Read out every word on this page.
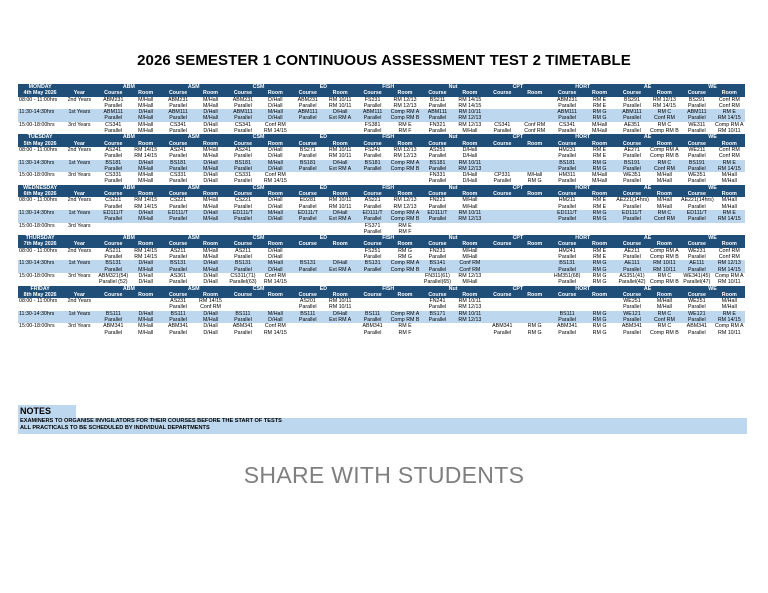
2026 SEMESTER 1 CONTINUOUS ASSESSMENT TEST 2 TIMETABLE
MONDAY		ABM		ASM		CSM		ED		FISH		Nut		CPT		HORT		AE		WE	
4th May 2026	Year	Course	Room	Course	Room	Course	Room	Course	Room	Course	Room	Course	Room	Course	Room	Course	Room	Course	Room	Course	Room
08:00 - 11:00hrs	2nd Years	ABM231	M/Hall	ABM231	M/Hall	ABM231	D/Hall	ABM231	RM 10/11	FS231	RM 12/13	BS211	RM 14/15			ABM231	RM E	BS291	RM 12/13	BS291	Conf RM
		Parallel	M/Hall	Parallel	M/Hall	Parallel	D/Hall	Parallel	RM 10/11	Parallel	RM 12/13	Parallel	RM 14/15			Parallel	RM E	Parallel	RM 14/15	Parallel	Conf RM
11:30-14:30hrs	1st Years	ABM111	D/Hall	ABM111	D/Hall	ABM111	M/Hall	ABM111	D/Hall	ABM111	Comp RM A	ABM111	RM 10/11			ABM111	RM G	ABM111	RM C	ABM111	RM E
		Parallel	M/Hall	Parallel	M/Hall	Parallel	D/Hall	Parallel	Ext RM A	Parallel	Comp RM B	Parallel	RM 12/13			Parallel	RM G	Parallel	Conf RM	Parallel	RM 14/15
15:00-18:00hrs	3rd Years	CS341	M/Hall	CS341	D/Hall	CS341	Conf RM			FS381	RM E	FN321	RM 12/13	CS341	Conf RM	CS341	M/Hall	AE351	RM C	WE311	Comp RM A
		Parallel	M/Hall	Parallel	D/Hall	Parallel	RM 14/15			Parallel	RM F	Parallel	M/Hall	Parallel	Conf RM	Parallel	M/Hall	Parallel	Comp RM B	Parallel	RM 10/11
TUESDAY		ABM		ASM		CSM		ED		FISH		Nut		CPT		HORT		AE		WE	
5th May 2026	Year	Course	Room	Course	Room	Course	Room	Course	Room	Course	Room	Course	Room	Course	Room	Course	Room	Course	Room	Course	Room
08:00 - 11:00hrs	2nd Years	AS241	RM 14/15	AS241	M/Hall	AS241	D/Hall	BS271	RM 10/11	FS241	RM 12/13	AS251	D/Hall			HM231	RM E	AE271	Comp RM A	WE211	Conf RM
		Parallel	RM 14/15	Parallel	M/Hall	Parallel	D/Hall	Parallel	RM 10/11	Parallel	RM 12/13	Parallel	D/Hall			Parallel	RM E	Parallel	Comp RM B	Parallel	Conf RM
11:30-14:30hrs	1st Years	BS181	D/Hall	BS181	D/Hall	BS181	M/Hall	BS181	D/Hall	BS181	Comp RM A	BS181	RM 10/11			BS181	RM G	BS191	RM C	BS191	RM E
		Parallel	M/Hall	Parallel	M/Hall	Parallel	D/Hall	Parallel	Ext RM A	Parallel	Comp RM B	Parallel	RM 12/13			Parallel	RM G	Parallel	Conf RM	Parallel	RM 14/15
15:00-18:00hrs	3rd Years	CS331	M/Hall	CS331	D/Hall	CS331	Conf RM					FN331	D/Hall	CP331	M/Hall	HM311	M/Hall	WE351	M/Hall	WE351	M/Hall
		Parallel	M/Hall	Parallel	D/Hall	Parallel	RM 14/15					Parallel	D/Hall	Parallel	RM G	Parallel	M/Hall	Parallel	M/Hall	Parallel	M/Hall
WEDNESDAY		ABM		ASM		CSM		ED		FISH		Nut		CPT		HORT		AE		WE	
6th May 2026	Year	Course	Room	Course	Room	Course	Room	Course	Room	Course	Room	Course	Room	Course	Room	Course	Room	Course	Room	Course	Room
08:00 - 11:00hrs	2nd Years	CS221	RM 14/15	CS221	M/Hall	CS221	D/Hall	ED281	RM 10/11	AS221	RM 12/13	FN221	M/Hall			HM211	RM E	AE221(14hrs)	M/Hall	AE221(14hrs)	M/Hall
		Parallel	RM 14/15	Parallel	M/Hall	Parallel	D/Hall	Parallel	RM 10/11	Parallel	RM 12/13	Parallel	M/Hall			Parallel	RM E	Parallel	M/Hall	Parallel	M/Hall
11:30-14:30hrs	1st Years	ED111/T	D/Hall	ED111/T	D/Hall	ED111/T	M/Hall	ED111/T	D/Hall	ED111/T	Comp RM A	ED111/T	RM 10/11			ED111/T	RM G	ED111/T	RM C	ED111/T	RM E
		Parallel	M/Hall	Parallel	M/Hall	Parallel	D/Hall	Parallel	Ext RM A	Parallel	Comp RM B	Parallel	RM 12/13			Parallel	RM G	Parallel	Conf RM	Parallel	RM 14/15
15:00-18:00hrs	3rd Years									FS371	RM E										
										Parallel	RM F										
THURSDAY		ABM		ASM		CSM		ED		FISH		Nut		CPT		HORT		AE		WE	
7th May 2026	Year	Course	Room	Course	Room	Course	Room	Course	Room	Course	Room	Course	Room	Course	Room	Course	Room	Course	Room	Course	Room
08:00 - 11:00hrs	2nd Years	AS211	RM 14/15	AS211	M/Hall	AS211	D/Hall			FS251	RM G	FN231	M/Hall			HM241	RM E	AE211	Comp RM A	WE231	Conf RM
		Parallel	RM 14/15	Parallel	M/Hall	Parallel	D/Hall			Parallel	RM G	Parallel	M/Hall			Parallel	RM E	Parallel	Comp RM B	Parallel	Conf RM
11:30-14:30hrs	1st Years	BS131	D/Hall	BS131	D/Hall	BS131	M/Hall	BS131	D/Hall	BS131	Comp RM A	BS141	Conf RM			BS131	RM G	AE111	RM 10/11	AE111	RM 12/13
		Parallel	M/Hall	Parallel	M/Hall	Parallel	D/Hall	Parallel	Ext RM A	Parallel	Comp RM B	Parallel	Conf RM			Parallel	RM G	Parallel	RM 10/11	Parallel	RM 14/15
15:00-18:00hrs	3rd Years	ABM321(54)	D/Hall	AS361	D/Hall	CS311(71)	Conf RM					FN311(61)	RM 12/13			HM351(68)	RM G	AS351(41)	RM C	WE341(45)	Comp RM A
		Parallel (52)	D/Hall	Parallel	D/Hall	Parallel(63)	RM 14/15					Parallel(65)	M/Hall			Parallel	RM G	Parallel(42)	Comp RM B	Parallel(47)	RM 10/11
FRIDAY		ABM		ASM		CSM		ED		FISH		Nut		CPT		HORT		AE		WE	
8th May 2026	Year	Course	Room	Course	Room	Course	Room	Course	Room	Course	Room	Course	Room	Course	Room	Course	Room	Course	Room	Course	Room
08:00 - 11:00hrs	2nd Years			AS231	RM 14/15			AS201	RM 10/11			FN241	RM 10/11					WE251	M/Hall	WE251	M/Hall
				Parallel	Conf RM			Parallel	RM 10/11			Parallel	RM 12/13					Parallel	M/Hall	Parallel	M/Hall
11:30-14:30hrs	1st Years	BS111	D/Hall	BS111	D/Hall	BS111	M/Hall	BS111	D/Hall	BS111	Comp RM A	BS171	RM 10/11			BS111	RM G	WE121	RM C	WE121	RM E
		Parallel	M/Hall	Parallel	M/Hall	Parallel	D/Hall	Parallel	Ext RM A	Parallel	Comp RM B	Parallel	RM 12/13			Parallel	RM G	Parallel	Conf RM	Parallel	RM 14/15
15:00-18:00hrs	3rd Years	ABM341	M/Hall	ABM341	D/Hall	ABM341	Conf RM			ABM341	RM E			ABM341	RM G	ABM341	RM G	ABM341	RM C	ABM341	Comp RM A
		Parallel	M/Hall	Parallel	D/Hall	Parallel	RM 14/15			Parallel	RM F			Parallel	RM G	Parallel	RM G	Parallel	Comp RM B	Parallel	RM 10/11
NOTES
EXAMINERS TO ORGANISE INVIGILATORS FOR THEIR COURSES BEFORE THE START OF TESTS
ALL PRACTICALS TO BE SCHEDULED BY INDIVIDUAL DEPARTMENTS
SHARE WITH STUDENTS
